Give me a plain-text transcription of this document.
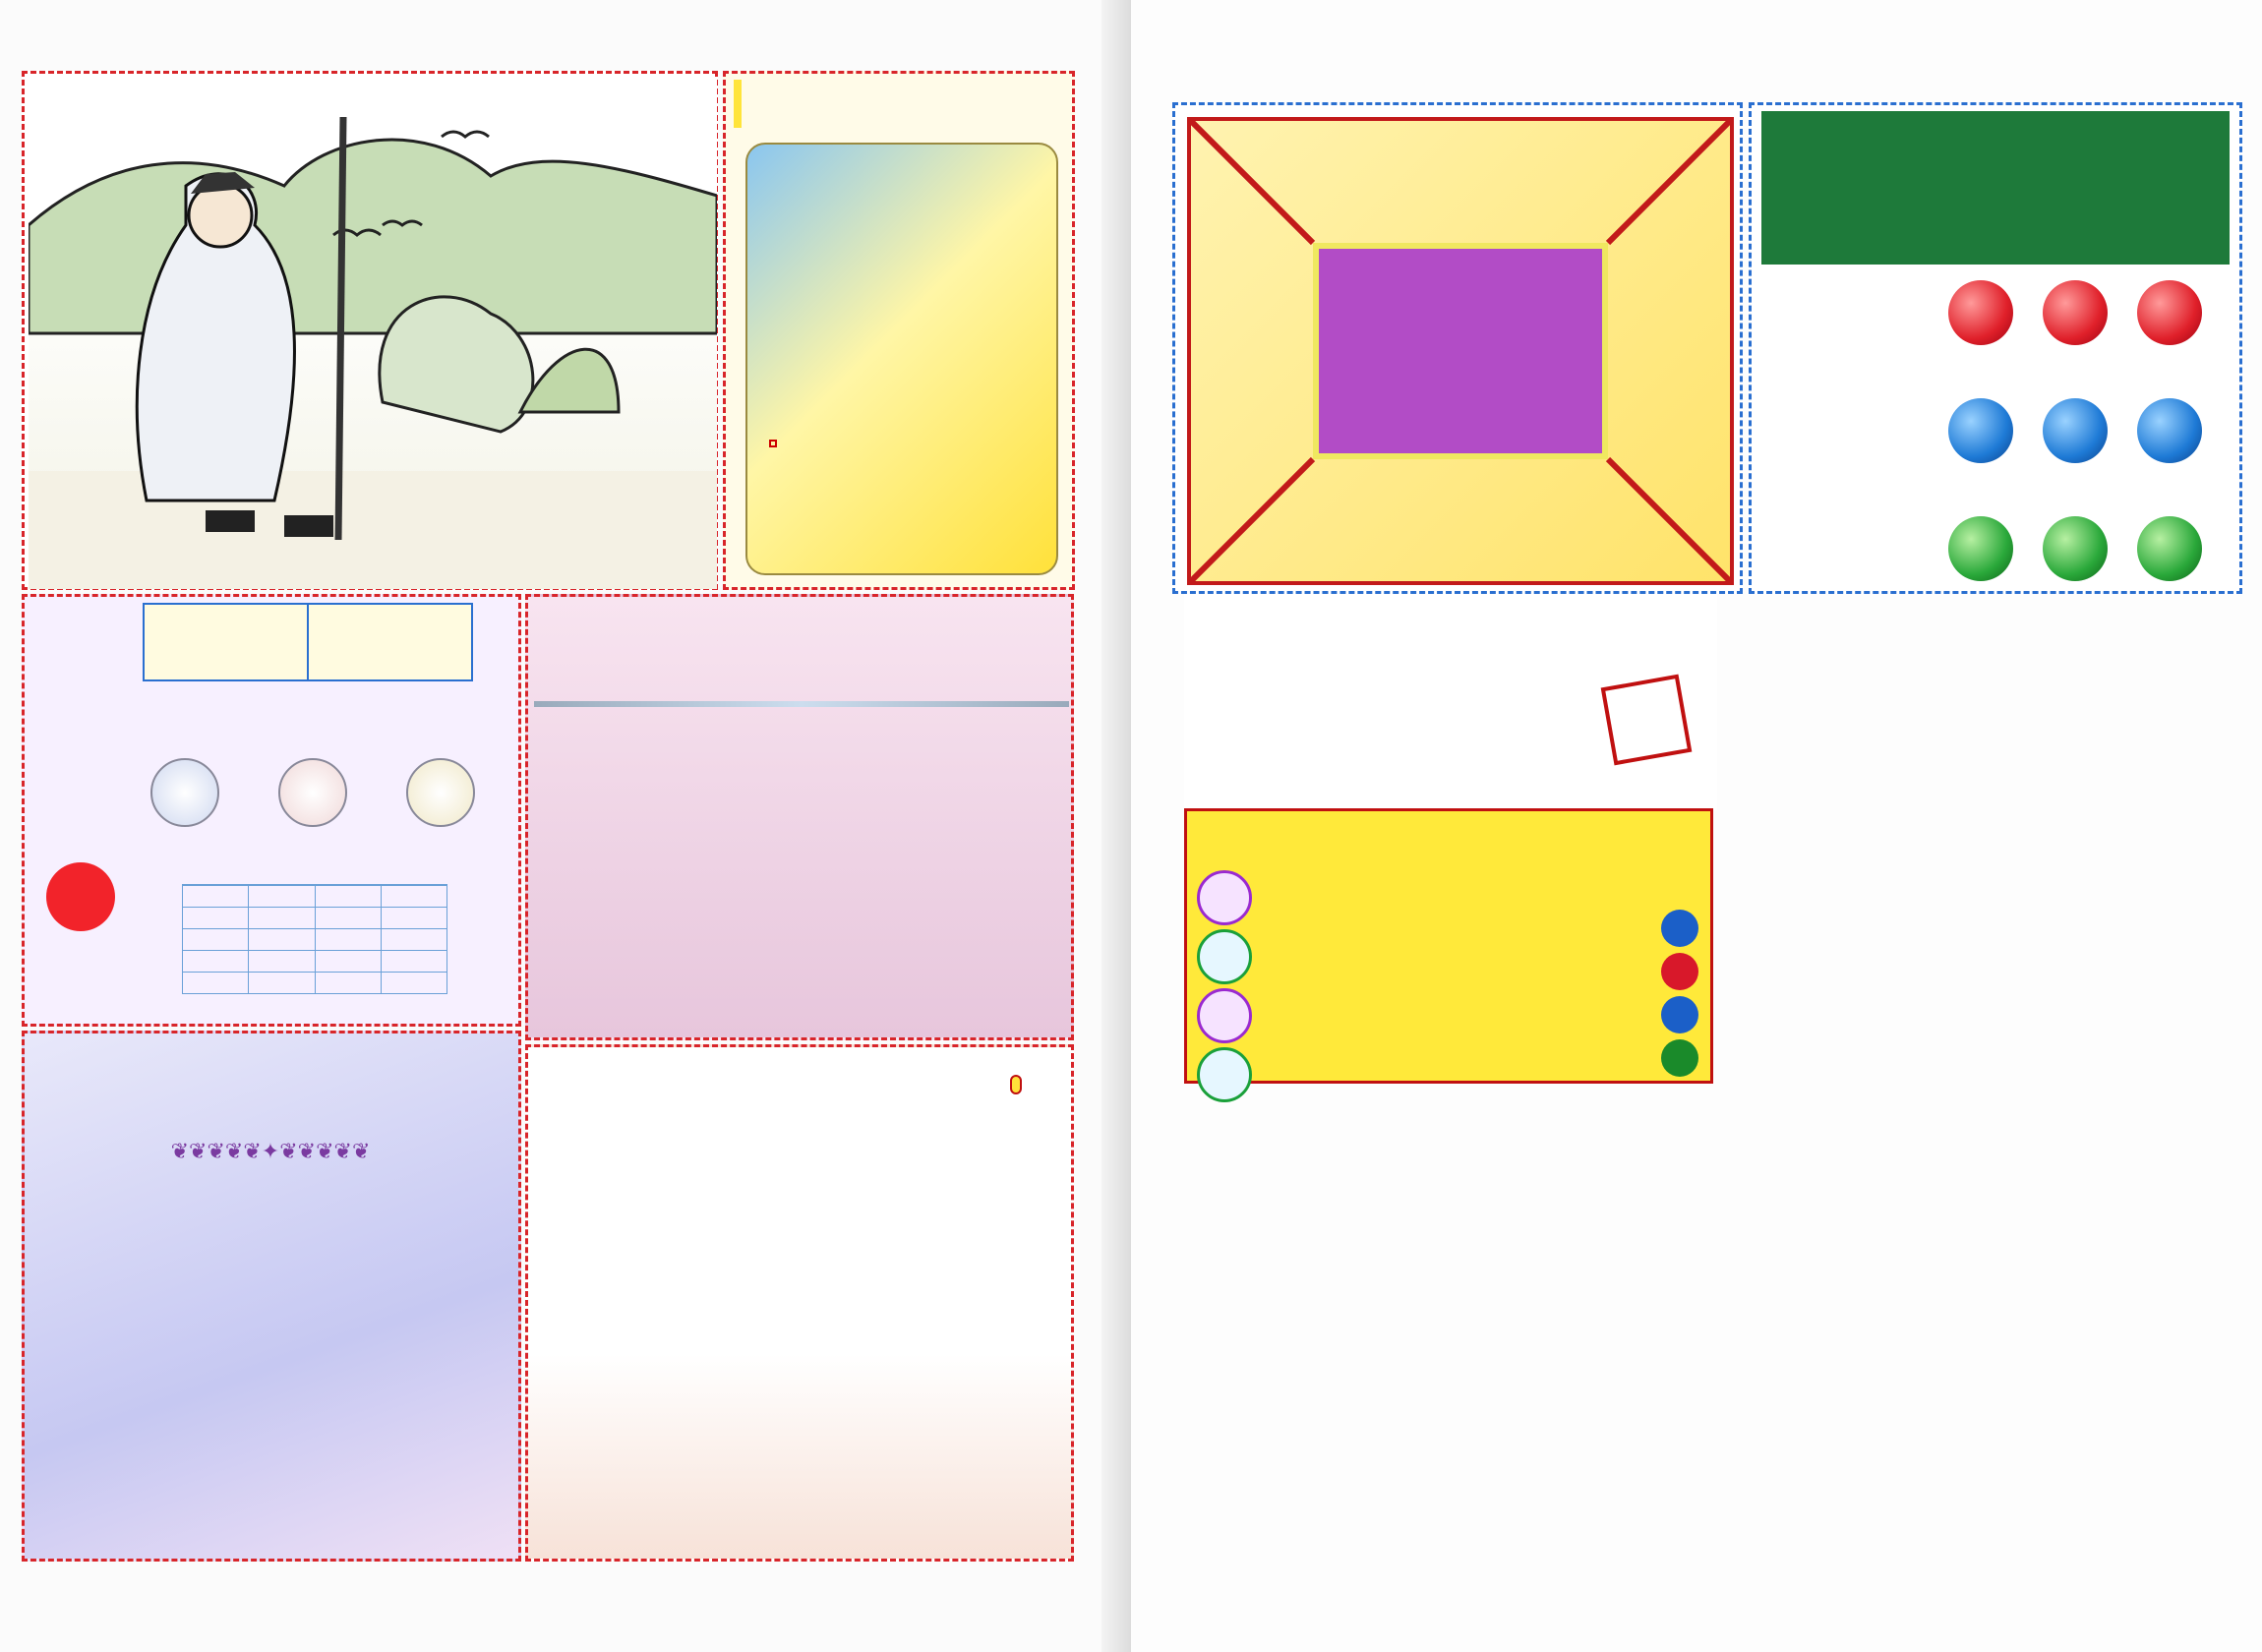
❦❦❦❦❦✦❦❦❦❦❦
